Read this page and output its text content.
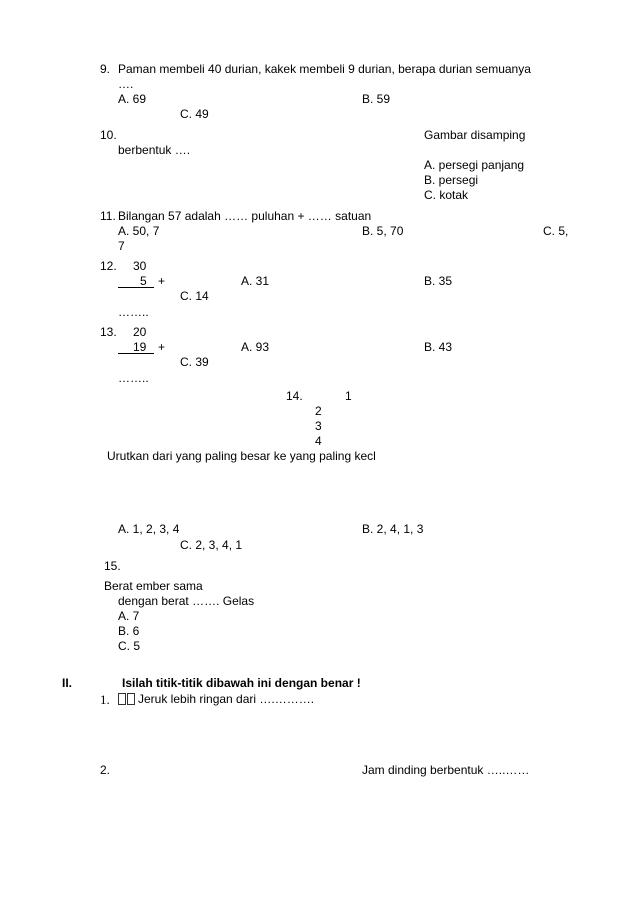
9. Paman membeli 40 durian, kakek membeli 9 durian, berapa durian semuanya
….
A. 69	B. 59
C. 49
10.	Gambar disamping
berbentuk ….
A. persegi panjang
B. persegi
C. kotak
11. Bilangan 57 adalah …… puluhan + …… satuan
A. 50, 7	B. 5, 70	C. 5,
7
12. 30
5 +	A. 31	B. 35
C. 14
……..
13. 20
19 +	A. 93	B. 43
C. 39
……..
14.	1
2
3
4
Urutkan dari yang paling besar ke yang paling kecl
A. 1, 2, 3, 4	B. 2, 4, 1, 3
C. 2, 3, 4, 1
15.
Berat ember sama
dengan berat ……. Gelas
A. 7
B. 6
C. 5
II.	Isilah titik-titik dibawah ini dengan benar !
1. Jeruk lebih ringan dari ….……….
2.	Jam dinding berbentuk …..……
